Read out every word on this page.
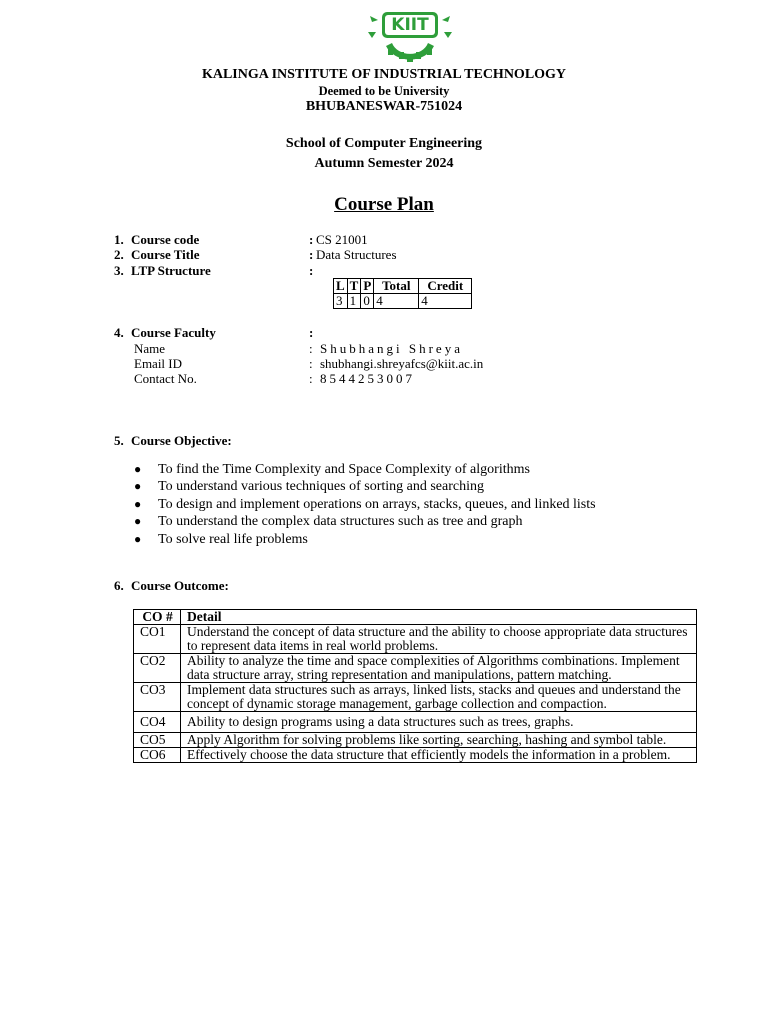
KIIT
KALINGA INSTITUTE OF INDUSTRIAL TECHNOLOGY
Deemed to be University
BHUBANESWAR-751024
School of Computer Engineering
Autumn Semester 2024
Course Plan
1. Course code	: CS 21001
2. Course Title	: Data Structures
3. LTP Structure	:
L	T	P	Total	Credit
3	1	0	4	4
4. Course Faculty	:
Name	: Shubhangi Shreya
Email ID	: shubhangi.shreyafcs@kiit.ac.in
Contact No.	: 8544253007
5. Course Objective:
● To find the Time Complexity and Space Complexity of algorithms
● To understand various techniques of sorting and searching
● To design and implement operations on arrays, stacks, queues, and linked lists
● To understand the complex data structures such as tree and graph
● To solve real life problems
6. Course Outcome:
CO #	Detail
CO1	Understand the concept of data structure and the ability to choose appropriate data structures to represent data items in real world problems.
CO2	Ability to analyze the time and space complexities of Algorithms combinations. Implement data structure array, string representation and manipulations, pattern matching.
CO3	Implement data structures such as arrays, linked lists, stacks and queues and understand the concept of dynamic storage management, garbage collection and compaction.
CO4	Ability to design programs using a data structures such as trees, graphs.
CO5	Apply Algorithm for solving problems like sorting, searching, hashing and symbol table.
CO6	Effectively choose the data structure that efficiently models the information in a problem.
